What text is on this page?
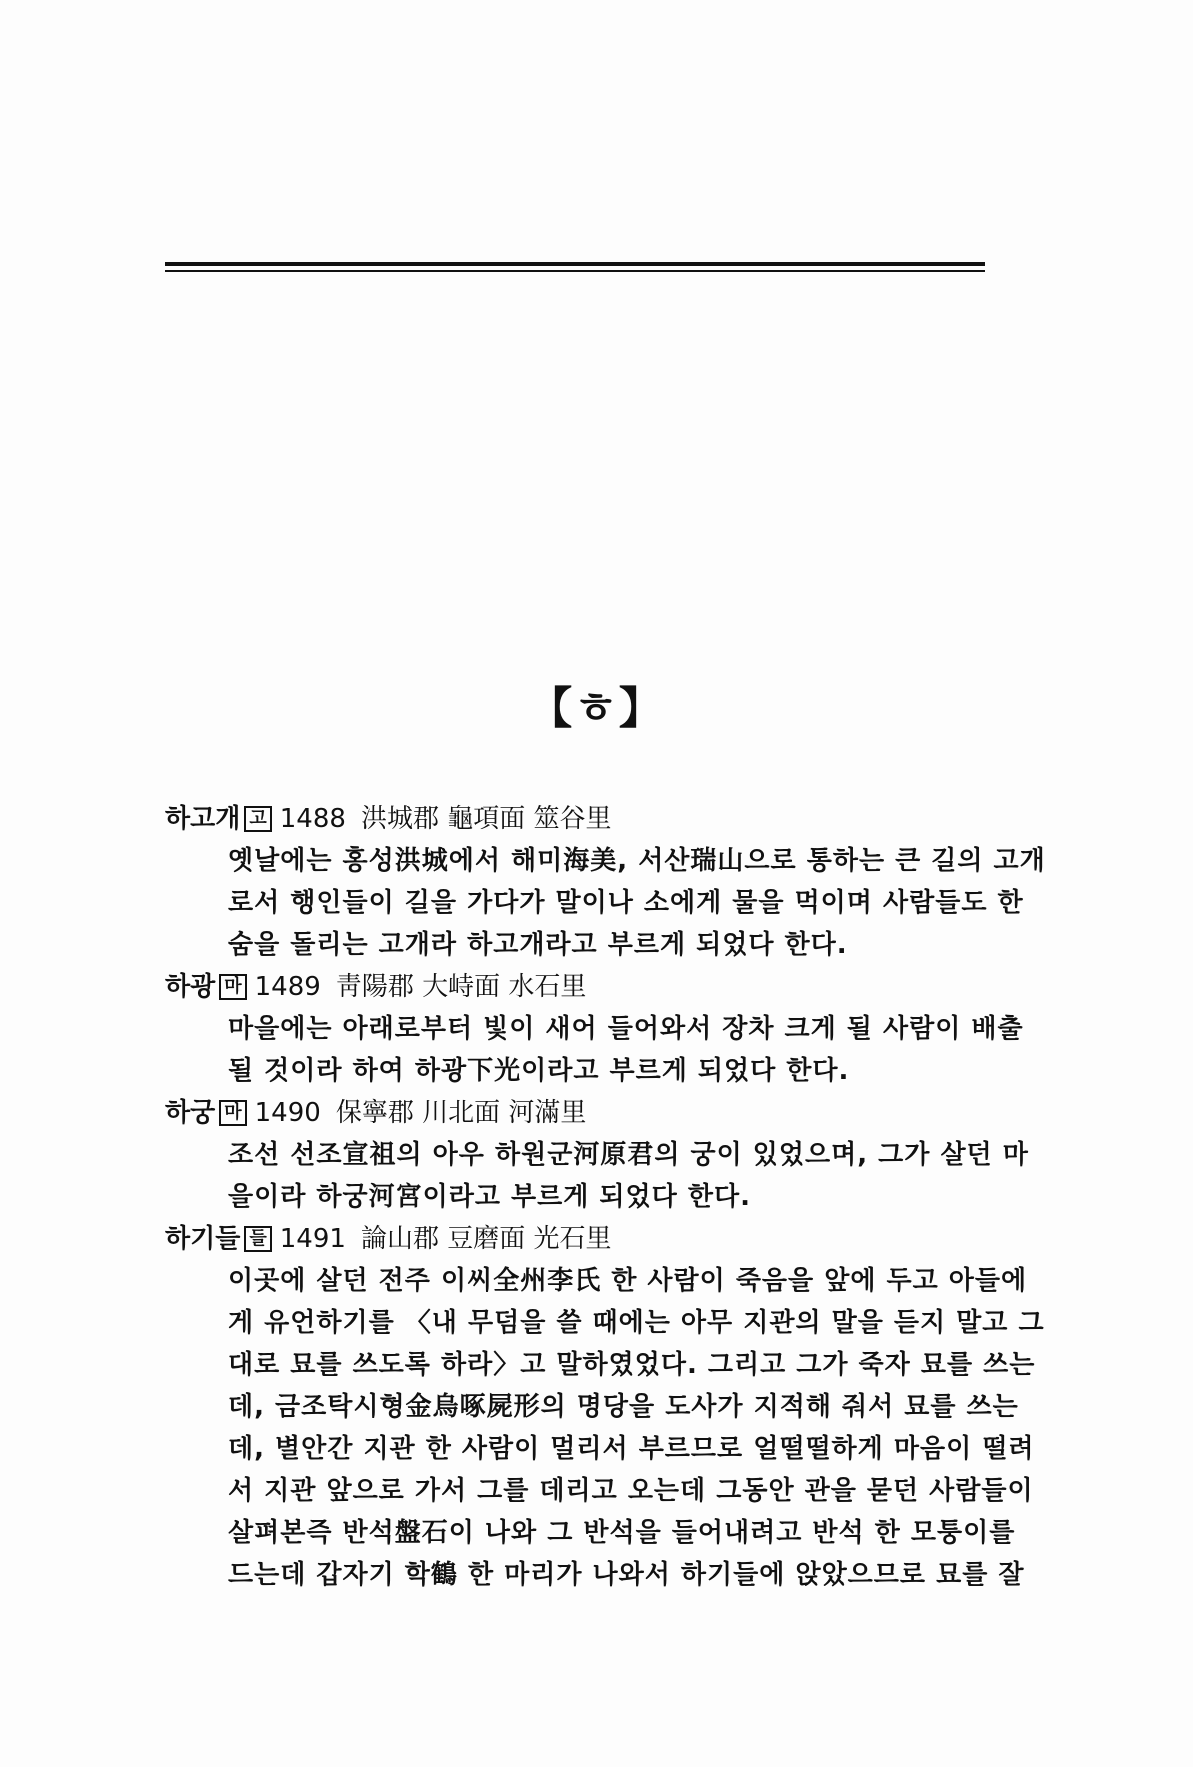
【ㅎ】
하고개 고 1488 洪城郡 龜項面 筮谷里
옛날에는 홍성洪城에서 해미海美, 서산瑞山으로 통하는 큰 길의 고개
로서 행인들이 길을 가다가 말이나 소에게 물을 먹이며 사람들도 한
숨을 돌리는 고개라 하고개라고 부르게 되었다 한다.
하광 마 1489 靑陽郡 大峙面 水石里
마을에는 아래로부터 빛이 새어 들어와서 장차 크게 될 사람이 배출
될 것이라 하여 하광下光이라고 부르게 되었다 한다.
하궁 마 1490 保寧郡 川北面 河滿里
조선 선조宣祖의 아우 하원군河原君의 궁이 있었으며, 그가 살던 마
을이라 하궁河宮이라고 부르게 되었다 한다.
하기들 들 1491 論山郡 豆磨面 光石里
이곳에 살던 전주 이씨全州李氏 한 사람이 죽음을 앞에 두고 아들에
게 유언하기를 〈내 무덤을 쓸 때에는 아무 지관의 말을 듣지 말고 그
대로 묘를 쓰도록 하라〉고 말하였었다. 그리고 그가 죽자 묘를 쓰는
데, 금조탁시형金烏啄屍形의 명당을 도사가 지적해 줘서 묘를 쓰는
데, 별안간 지관 한 사람이 멀리서 부르므로 얼떨떨하게 마음이 떨려
서 지관 앞으로 가서 그를 데리고 오는데 그동안 관을 묻던 사람들이
살펴본즉 반석盤石이 나와 그 반석을 들어내려고 반석 한 모퉁이를
드는데 갑자기 학鶴 한 마리가 나와서 하기들에 앉았으므로 묘를 잘
